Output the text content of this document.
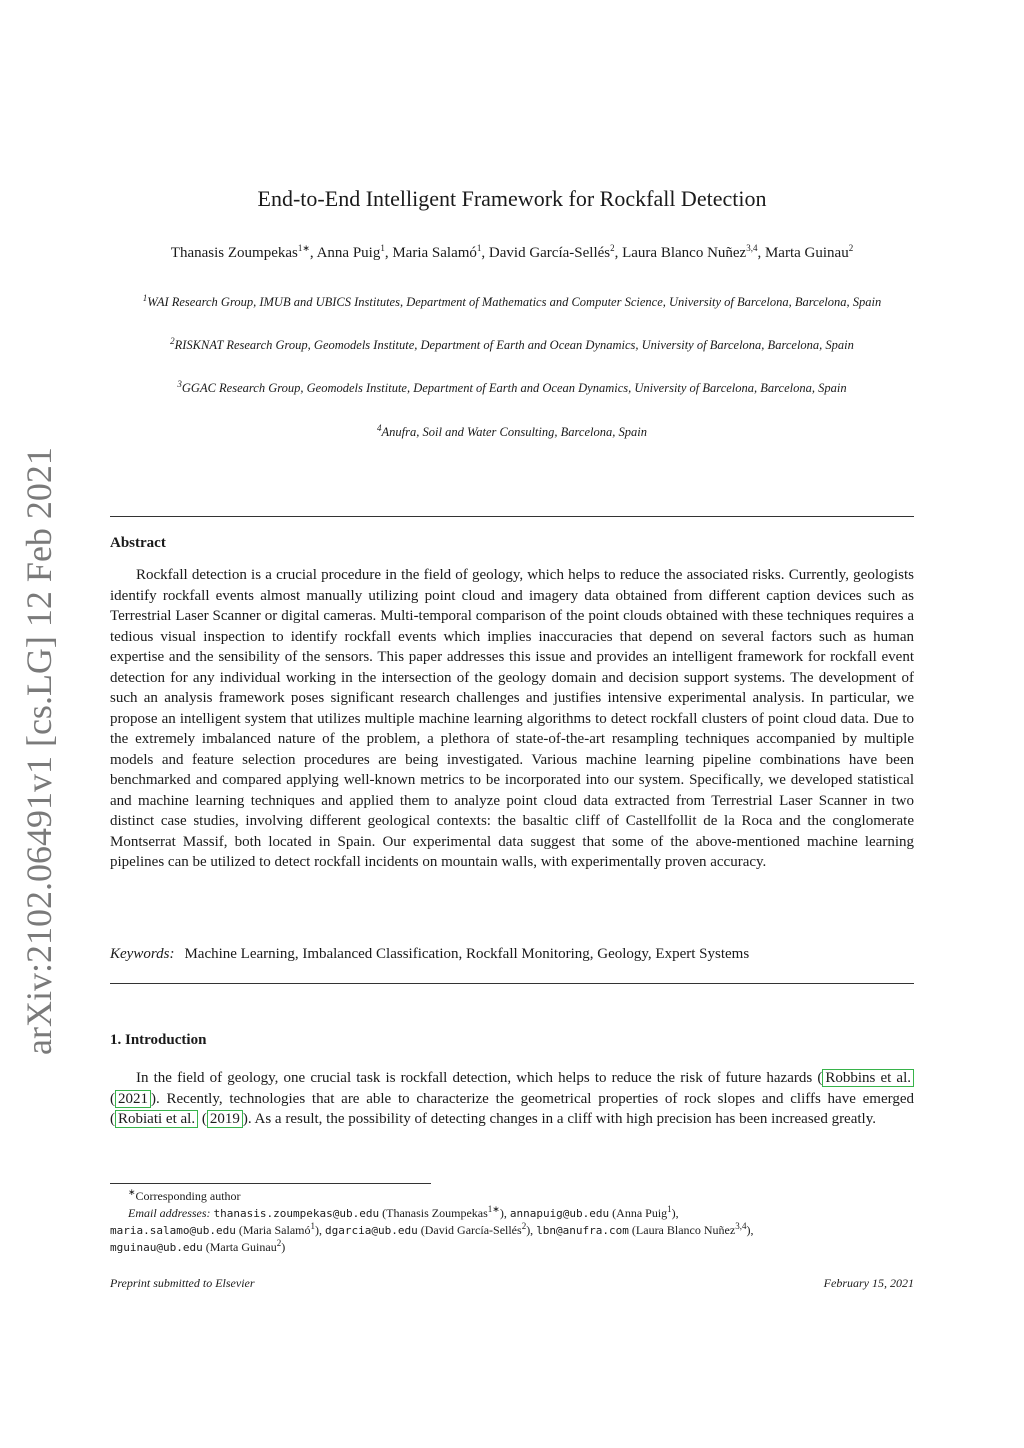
arXiv:2102.06491v1 [cs.LG] 12 Feb 2021
End-to-End Intelligent Framework for Rockfall Detection
Thanasis Zoumpekas$^{1∗}$, Anna Puig$^1$, Maria Salamó$^1$, David García-Sellés$^2$, Laura Blanco Nuñez$^{3,4}$, Marta Guinau$^2$
$^1$WAI Research Group, IMUB and UBICS Institutes, Department of Mathematics and Computer Science, University of Barcelona, Barcelona, Spain
$^2$RISKNAT Research Group, Geomodels Institute, Department of Earth and Ocean Dynamics, University of Barcelona, Barcelona, Spain
$^3$GGAC Research Group, Geomodels Institute, Department of Earth and Ocean Dynamics, University of Barcelona, Barcelona, Spain
$^4$Anufra, Soil and Water Consulting, Barcelona, Spain
Abstract
Rockfall detection is a crucial procedure in the field of geology, which helps to reduce the associated risks. Currently, geologists identify rockfall events almost manually utilizing point cloud and imagery data obtained from different caption devices such as Terrestrial Laser Scanner or digital cameras. Multi-temporal comparison of the point clouds obtained with these techniques requires a tedious visual inspection to identify rockfall events which implies inaccuracies that depend on several factors such as human expertise and the sensibility of the sensors. This paper addresses this issue and provides an intelligent framework for rockfall event detection for any individual working in the intersection of the geology domain and decision support systems. The development of such an analysis framework poses significant research challenges and justifies intensive experimental analysis. In particular, we propose an intelligent system that utilizes multiple machine learning algorithms to detect rockfall clusters of point cloud data. Due to the extremely imbalanced nature of the problem, a plethora of state-of-the-art resampling techniques accompanied by multiple models and feature selection procedures are being investigated. Various machine learning pipeline combinations have been benchmarked and compared applying well-known metrics to be incorporated into our system. Specifically, we developed statistical and machine learning techniques and applied them to analyze point cloud data extracted from Terrestrial Laser Scanner in two distinct case studies, involving different geological contexts: the basaltic cliff of Castellfollit de la Roca and the conglomerate Montserrat Massif, both located in Spain. Our experimental data suggest that some of the above-mentioned machine learning pipelines can be utilized to detect rockfall incidents on mountain walls, with experimentally proven accuracy.
Keywords: Machine Learning, Imbalanced Classification, Rockfall Monitoring, Geology, Expert Systems
1. Introduction
In the field of geology, one crucial task is rockfall detection, which helps to reduce the risk of future hazards ( Robbins et al. ( 2021 ). Recently, technologies that are able to characterize the geometrical properties of rock slopes and cliffs have emerged ( Robiati et al. ( 2019 ). As a result, the possibility of detecting changes in a cliff with high precision has been increased greatly.
∗Corresponding author
Email addresses: thanasis.zoumpekas@ub.edu (Thanasis Zoumpekas$^{1∗}$), annapuig@ub.edu (Anna Puig$^1$),
maria.salamo@ub.edu (Maria Salamó$^1$), dgarcia@ub.edu (David García-Sellés$^2$), lbn@anufra.com (Laura Blanco Nuñez$^{3,4}$),
mguinau@ub.edu (Marta Guinau$^2$)
Preprint submitted to Elsevier	February 15, 2021
